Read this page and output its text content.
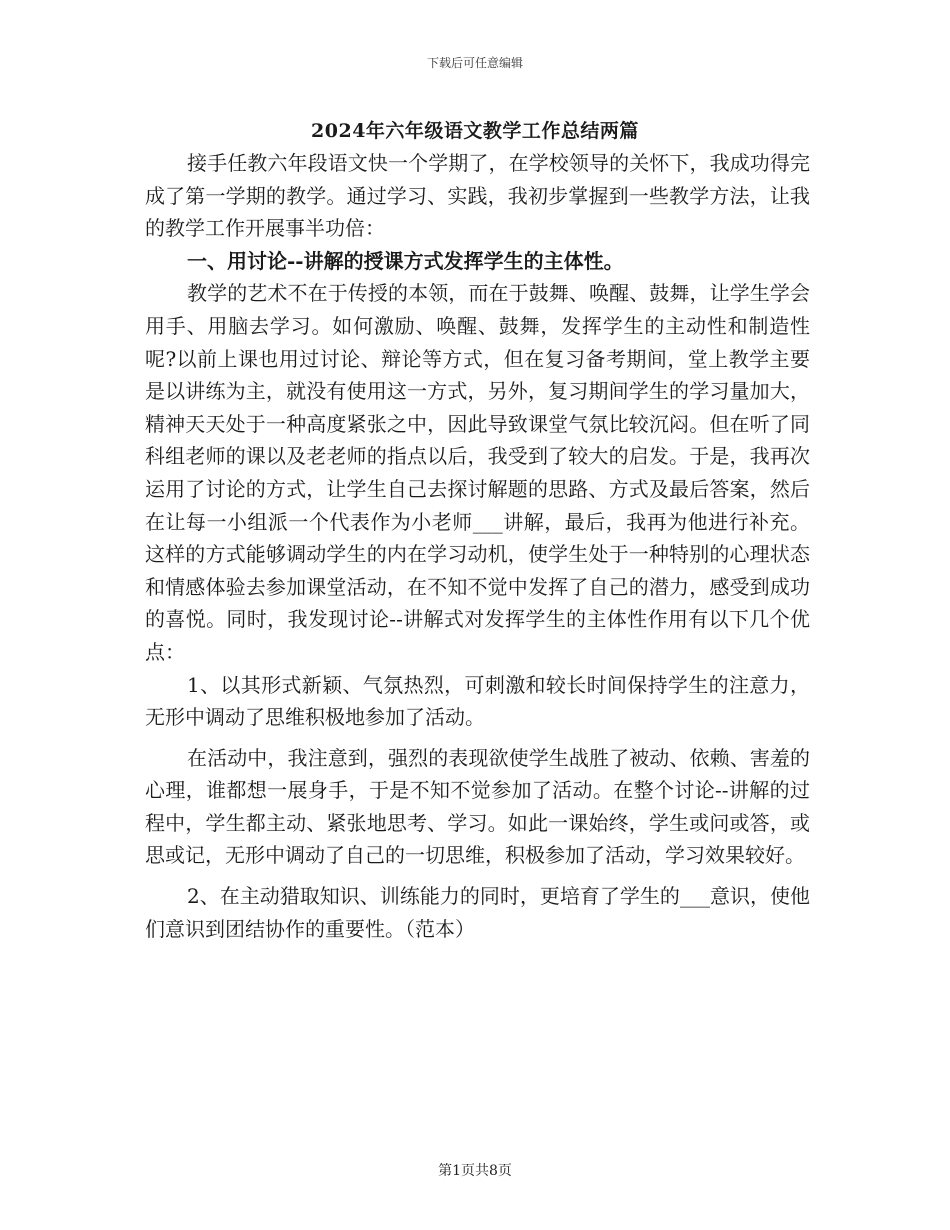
下载后可任意编辑
2024年六年级语文教学工作总结两篇

接手任教六年段语文快一个学期了，在学校领导的关怀下，我成功得完成了第一学期的教学。通过学习、实践，我初步掌握到一些教学方法，让我的教学工作开展事半功倍：

一、用讨论--讲解的授课方式发挥学生的主体性。

教学的艺术不在于传授的本领，而在于鼓舞、唤醒、鼓舞，让学生学会用手、用脑去学习。如何激励、唤醒、鼓舞，发挥学生的主动性和制造性呢?以前上课也用过讨论、辩论等方式，但在复习备考期间，堂上教学主要是以讲练为主，就没有使用这一方式，另外，复习期间学生的学习量加大，精神天天处于一种高度紧张之中，因此导致课堂气氛比较沉闷。但在听了同科组老师的课以及老老师的指点以后，我受到了较大的启发。于是，我再次运用了讨论的方式，让学生自己去探讨解题的思路、方式及最后答案，然后在让每一小组派一个代表作为小老师___讲解，最后，我再为他进行补充。这样的方式能够调动学生的内在学习动机，使学生处于一种特别的心理状态和情感体验去参加课堂活动，在不知不觉中发挥了自己的潜力，感受到成功的喜悦。同时，我发现讨论--讲解式对发挥学生的主体性作用有以下几个优点：

1、以其形式新颖、气氛热烈，可刺激和较长时间保持学生的注意力，无形中调动了思维积极地参加了活动。

在活动中，我注意到，强烈的表现欲使学生战胜了被动、依赖、害羞的心理，谁都想一展身手，于是不知不觉参加了活动。在整个讨论--讲解的过程中，学生都主动、紧张地思考、学习。如此一课始终，学生或问或答，或思或记，无形中调动了自己的一切思维，积极参加了活动，学习效果较好。

2、在主动猎取知识、训练能力的同时，更培育了学生的___意识，使他们意识到团结协作的重要性。（范本）

第1页共8页
